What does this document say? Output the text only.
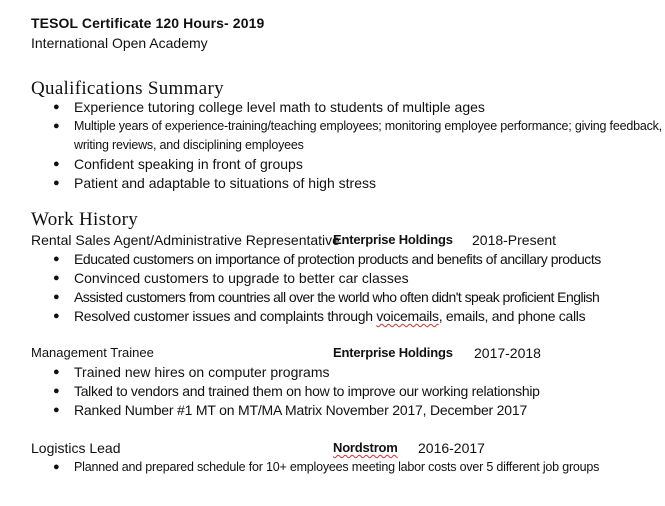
TESOL Certificate 120 Hours- 2019
International Open Academy
Qualifications Summary
● Experience tutoring college level math to students of multiple ages
● Multiple years of experience-training/teaching employees; monitoring employee performance; giving feedback, writing reviews, and disciplining employees
● Confident speaking in front of groups
● Patient and adaptable to situations of high stress
Work History
Rental Sales Agent/Administrative Representative
Enterprise Holdings 2018-Present
● Educated customers on importance of protection products and benefits of ancillary products
● Convinced customers to upgrade to better car classes
● Assisted customers from countries all over the world who often didn't speak proficient English
● Resolved customer issues and complaints through voicemails, emails, and phone calls
Management Trainee	Enterprise Holdings 2017-2018
● Trained new hires on computer programs
● Talked to vendors and trained them on how to improve our working relationship
● Ranked Number #1 MT on MT/MA Matrix November 2017, December 2017
Logistics Lead	Nordstrom 2016-2017
● Planned and prepared schedule for 10+ employees meeting labor costs over 5 different job groups
